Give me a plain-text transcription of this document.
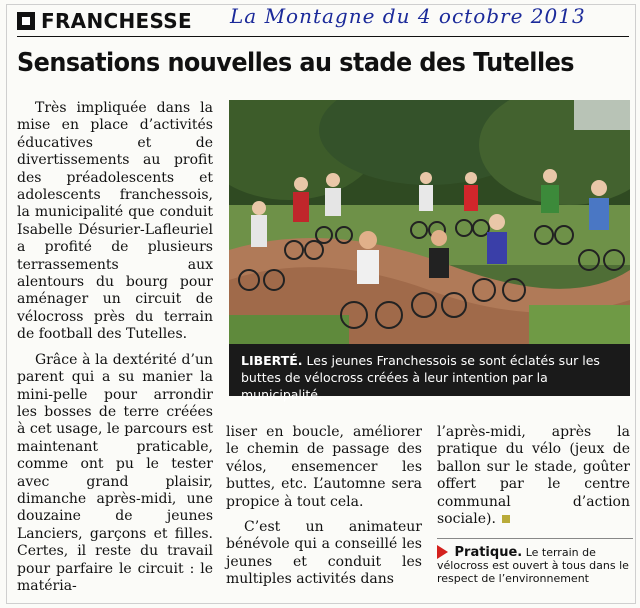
FRANCHESSE La Montagne du 4 octobre 2013
Sensations nouvelles au stade des Tutelles

Très impliquée dans la mise en place d’activités éducatives et de divertissements au profit des préadolescents et adolescents franchessois, la municipalité que conduit Isabelle Désurier-Lafleuriel a profité de plusieurs terrassements aux alentours du bourg pour aménager un circuit de vélocross près du terrain de football des Tutelles.

Grâce à la dextérité d’un parent qui a su manier la mini-pelle pour arrondir les bosses de terre créées à cet usage, le parcours est maintenant praticable, comme ont pu le tester avec grand plaisir, dimanche après-midi, une douzaine de jeunes Lanciers, garçons et filles. Certes, il reste du travail pour parfaire le circuit : le matéria-

LIBERTÉ. Les jeunes Franchessois se sont éclatés sur les buttes de vélocross créées à leur intention par la municipalité.

liser en boucle, améliorer le chemin de passage des vélos, ensemencer les buttes, etc. L’automne sera propice à tout cela.

C’est un animateur bénévole qui a conseillé les jeunes et conduit les multiples activités dans

l’après-midi, après la pratique du vélo (jeux de ballon sur le stade, goûter offert par le centre communal d’action sociale).

Pratique. Le terrain de vélocross est ouvert à tous dans le respect de l’environnement
